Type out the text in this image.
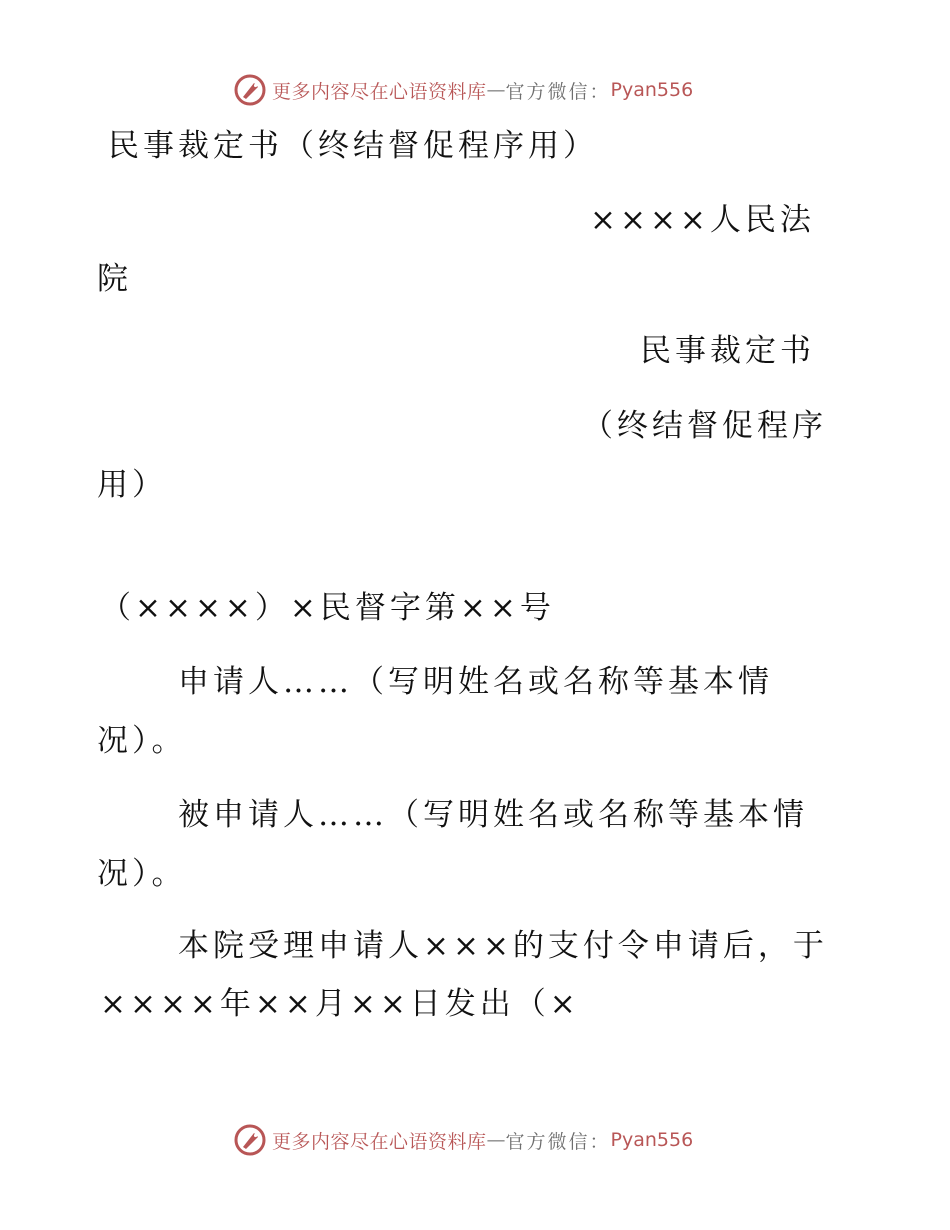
更多内容尽在心语资料库 — 官方微信： Pyan556
民事裁定书（终结督促程序用）
××××人民法
院
民事裁定书
（终结督促程序
用）
（××××）×民督字第××号
申请人……（写明姓名或名称等基本情
况）。
被申请人……（写明姓名或名称等基本情
况）。
本院受理申请人×××的支付令申请后，于
××××年××月××日发出（×
更多内容尽在心语资料库 — 官方微信： Pyan556
